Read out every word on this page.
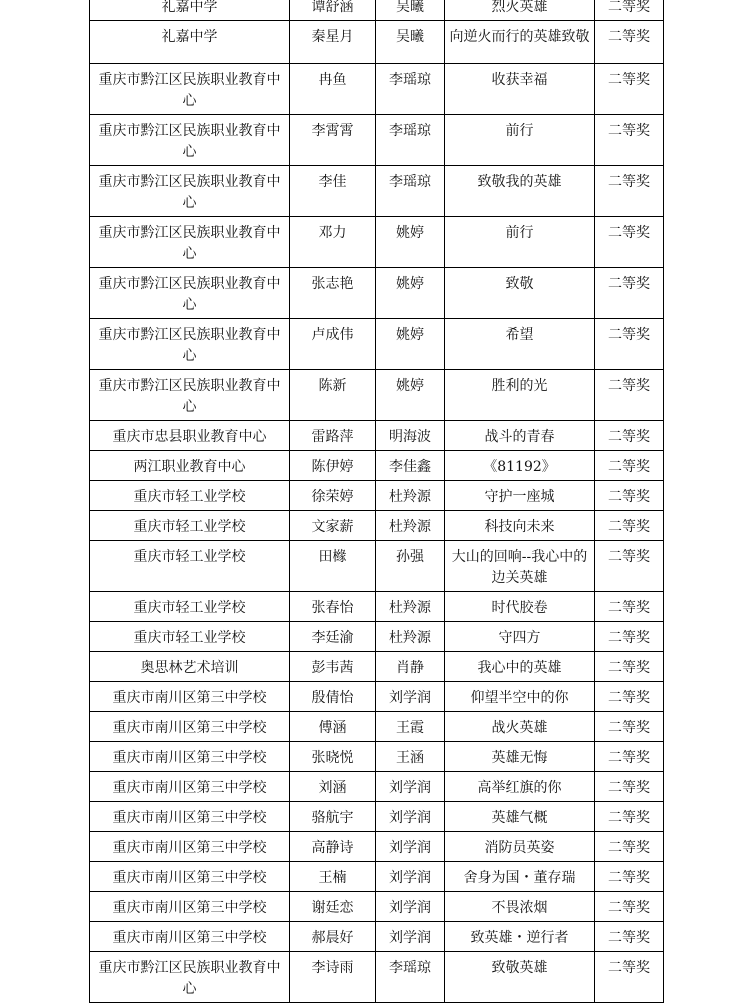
礼嘉中学	谭舒涵	吴曦	烈火英雄	二等奖
礼嘉中学	秦星月	吴曦	向逆火而行的英雄致敬	二等奖
重庆市黔江区民族职业教育中心	冉鱼	李瑶琼	收获幸福	二等奖
重庆市黔江区民族职业教育中心	李霄霄	李瑶琼	前行	二等奖
重庆市黔江区民族职业教育中心	李佳	李瑶琼	致敬我的英雄	二等奖
重庆市黔江区民族职业教育中心	邓力	姚婷	前行	二等奖
重庆市黔江区民族职业教育中心	张志艳	姚婷	致敬	二等奖
重庆市黔江区民族职业教育中心	卢成伟	姚婷	希望	二等奖
重庆市黔江区民族职业教育中心	陈新	姚婷	胜利的光	二等奖
重庆市忠县职业教育中心	雷路萍	明海波	战斗的青春	二等奖
两江职业教育中心	陈伊婷	李佳鑫	《81192》	二等奖
重庆市轻工业学校	徐荣婷	杜羚源	守护一座城	二等奖
重庆市轻工业学校	文家薪	杜羚源	科技向未来	二等奖
重庆市轻工业学校	田橼	孙强	大山的回响--我心中的边关英雄	二等奖
重庆市轻工业学校	张春怡	杜羚源	时代胶卷	二等奖
重庆市轻工业学校	李廷渝	杜羚源	守四方	二等奖
奥思林艺术培训	彭韦茜	肖静	我心中的英雄	二等奖
重庆市南川区第三中学校	殷倩怡	刘学润	仰望半空中的你	二等奖
重庆市南川区第三中学校	傅涵	王霞	战火英雄	二等奖
重庆市南川区第三中学校	张晓悦	王涵	英雄无悔	二等奖
重庆市南川区第三中学校	刘涵	刘学润	高举红旗的你	二等奖
重庆市南川区第三中学校	骆航宇	刘学润	英雄气概	二等奖
重庆市南川区第三中学校	高静诗	刘学润	消防员英姿	二等奖
重庆市南川区第三中学校	王楠	刘学润	舍身为国・董存瑞	二等奖
重庆市南川区第三中学校	谢廷恋	刘学润	不畏浓烟	二等奖
重庆市南川区第三中学校	郝晨好	刘学润	致英雄・逆行者	二等奖
重庆市黔江区民族职业教育中心	李诗雨	李瑶琼	致敬英雄	二等奖
